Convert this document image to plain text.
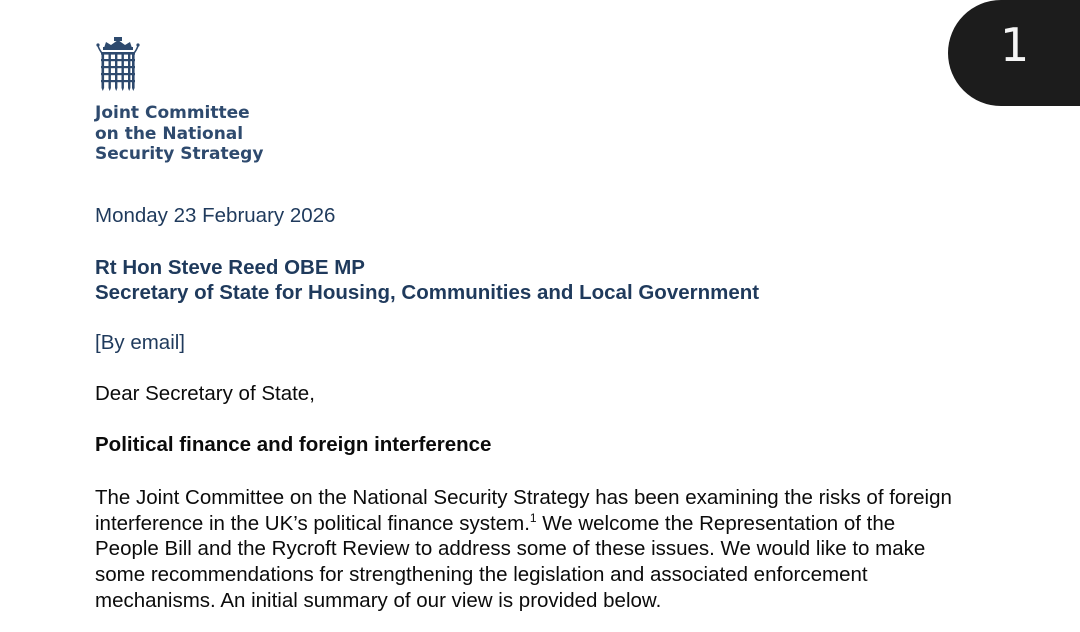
1
Joint Committee
on the National
Security Strategy
Monday 23 February 2026
Rt Hon Steve Reed OBE MP
Secretary of State for Housing, Communities and Local Government
[By email]
Dear Secretary of State,
Political finance and foreign interference
The Joint Committee on the National Security Strategy has been examining the risks of foreign
interference in the UK’s political finance system.$^1$ We welcome the Representation of the
People Bill and the Rycroft Review to address some of these issues. We would like to make
some recommendations for strengthening the legislation and associated enforcement
mechanisms. An initial summary of our view is provided below.
